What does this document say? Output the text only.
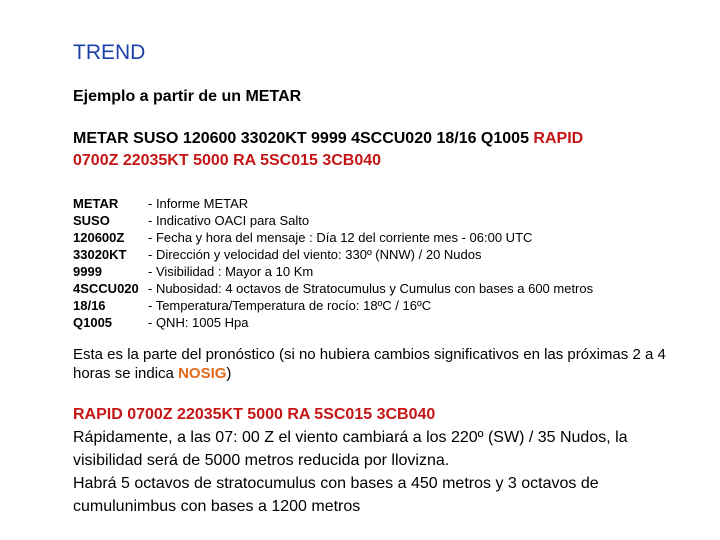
TREND
Ejemplo a partir de un METAR
METAR SUSO 120600 33020KT 9999 4SCCU020 18/16 Q1005 RAPID
0700Z 22035KT 5000 RA 5SC015 3CB040
METAR - Informe METAR
SUSO	- Indicativo OACI para Salto
120600Z - Fecha y hora del mensaje : Día 12 del corriente mes - 06:00 UTC
33020KT - Dirección y velocidad del viento: 330º (NNW) / 20 Nudos
9999	- Visibilidad : Mayor a 10 Km
4SCCU020 - Nubosidad: 4 octavos de Stratocumulus y Cumulus con bases a 600 metros
18/16	- Temperatura/Temperatura de rocío: 18ºC / 16ºC
Q1005	- QNH: 1005 Hpa
Esta es la parte del pronóstico (si no hubiera cambios significativos en las próximas 2 a 4 horas se indica NOSIG)
RAPID 0700Z 22035KT 5000 RA 5SC015 3CB040
Rápidamente, a las 07: 00 Z el viento cambiará a los 220º (SW) / 35 Nudos, la visibilidad será de 5000 metros reducida por llovizna.
Habrá 5 octavos de stratocumulus con bases a 450 metros y 3 octavos de cumulunimbus con bases a 1200 metros
